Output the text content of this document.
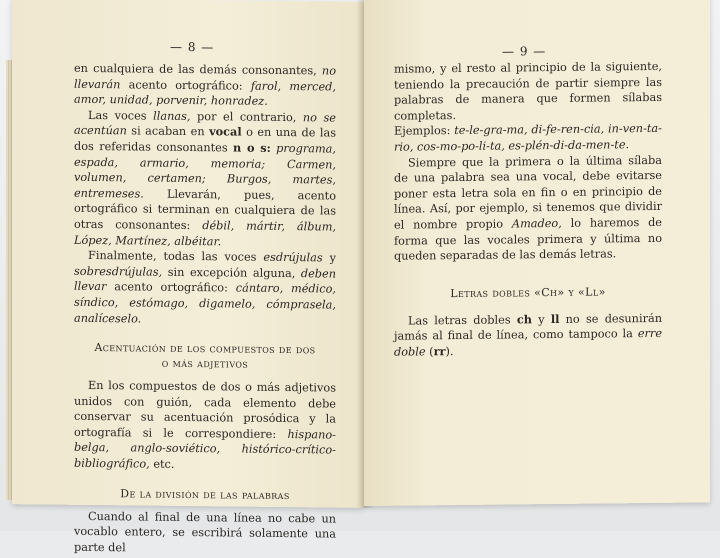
— 8 —

en cualquiera de las demás consonantes, no llevarán acento ortográfico: farol, merced, amor, unidad, porvenir, honradez.

Las voces llanas, por el contrario, no se acentúan si acaban en vocal o en una de las dos referidas consonantes n o s: programa, espada, armario, memoria; Carmen, volumen, certamen; Burgos, martes, entremeses. Llevarán, pues, acento ortográfico si terminan en cualquiera de las otras consonantes: débil, mártir, álbum, López, Martínez, albéitar.

Finalmente, todas las voces esdrújulas y sobresdrújulas, sin excepción alguna, deben llevar acento ortográfico: cántaro, médico, síndico, estómago, digamelo, cómprasela, analíceselo.

Acentuación de los compuestos de dos o más adjetivos

En los compuestos de dos o más adjetivos unidos con guión, cada elemento debe conservar su acentuación prosódica y la ortografía si le correspondiere: hispano-belga, anglo-soviético, histórico-crítico-bibliográfico, etc.

De la división de las palabras

Cuando al final de una línea no cabe un vocablo entero, se escribirá solamente una parte del

— 9 —

mismo, y el resto al principio de la siguiente, teniendo la precaución de partir siempre las palabras de manera que formen sílabas completas.

Ejemplos: te-le-gra-ma, di-fe-ren-cia, in-ven-ta-rio, cos-mo-po-li-ta, es-plén-di-da-men-te.

Siempre que la primera o la última sílaba de una palabra sea una vocal, debe evitarse poner esta letra sola en fin o en principio de línea. Así, por ejemplo, si tenemos que dividir el nombre propio Amadeo, lo haremos de forma que las vocales primera y última no queden separadas de las demás letras.

Letras dobles «Ch» y «Ll»

Las letras dobles ch y ll no se desunirán jamás al final de línea, como tampoco la erre doble (rr).
